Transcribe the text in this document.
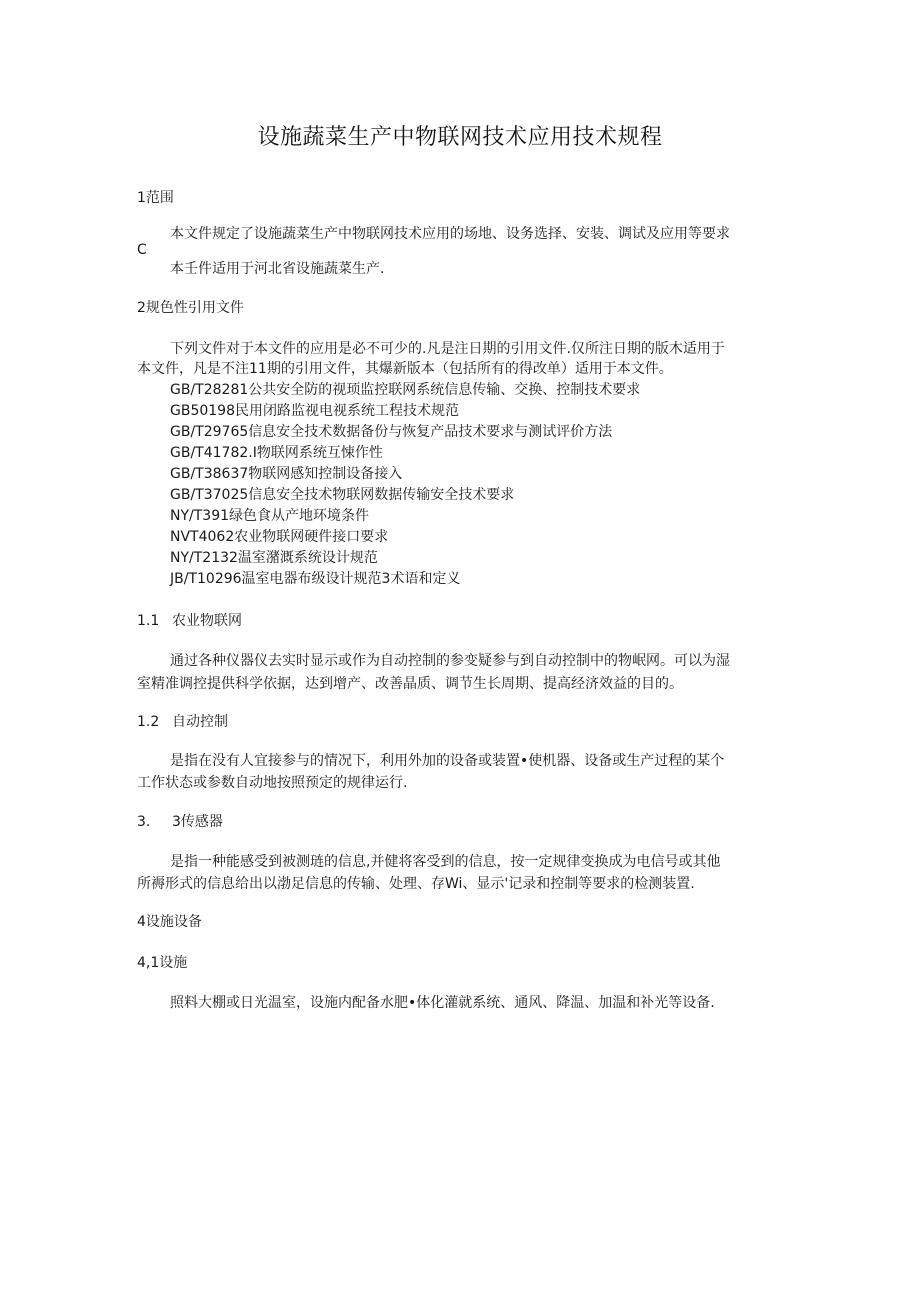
设施蔬菜生产中物联网技术应用技术规程
1范围
本文件规定了设施蔬菜生产中物联网技术应用的场地、设务选择、安装、调试及应用等要求
C
本壬件适用于河北省设施蔬菜生产.
2规色性引用文件
下列文件对于本文件的应用是必不可少的.凡是注日期的引用文件.仅所注日期的版木适用于
本文件，凡是不注11期的引用文件，其爆新版本（包括所有的得改单）适用于本文件。
GB/T28281公共安全防的视顼监控联网系统信息传输、交换、控制技术要求
GB50198民用闭路监视电视系统工程技术规范
GB/T29765信息安全技术数据备份与恢复产品技术要求与测试评价方法
GB/T41782.I物联网系统互悚作性
GB/T38637物联网感知控制设备接入
GB/T37025信息安全技术物联网数据传输安全技术要求
NY/T391绿色食从产地环境条件
NVT4062农业物联网硬件接口要求
NY/T2132温室潴溉系统设计规范
JB/T10296温室电器布级设计规范3术语和定义
1.1 农业物联网
通过各种仪器仪去实时显示或作为自动控制的参变疑参与到自动控制中的物岷网。可以为湿
室精准调控提供科学依据，达到增产、改善晶质、调节生长周期、提高经济效益的目的。
1.2 自动控制
是指在没有人宜接参与的情况下，利用外加的设备或装置•使机器、设备或生产过程的某个
工作状态或参数自动地按照预定的规律运行.
3. 3传感器
是指一种能感受到被测琏的信息,并健将客受到的信息，按一定规律变换成为电信号或其他
所褥形式的信息给出以渤足信息的传输、处理、存Wi、显示'记录和控制等要求的检测装置.
4设施设备
4,1设施
照料大棚或日光温室，设施内配备水肥•体化灌就系统、通风、降温、加温和补光等设备.
